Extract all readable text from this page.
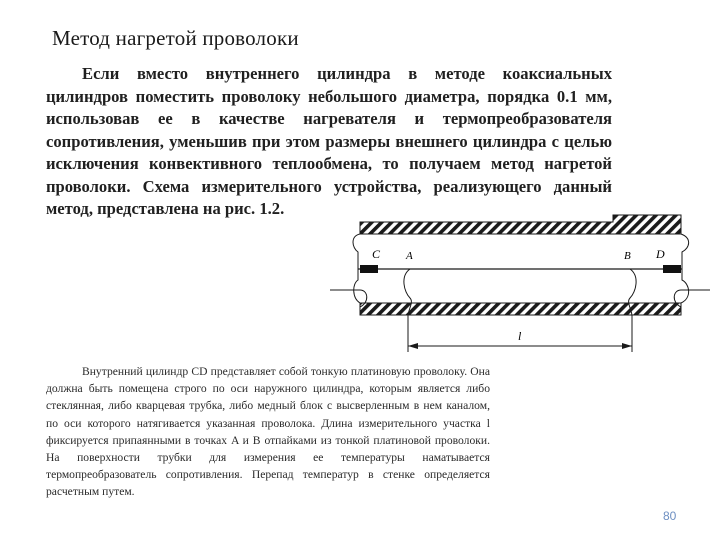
Метод нагретой проволоки
Если вместо внутреннего цилиндра в методе коаксиальных цилиндров поместить проволоку небольшого диаметра, порядка 0.1 мм, использовав ее в качестве нагревателя и термопреобразователя сопротивления, уменьшив при этом размеры внешнего цилиндра с целью исключения конвективного теплообмена, то получаем метод нагретой проволоки. Схема измерительного устройства, реализующего данный метод, представлена на рис. 1.2.
C A	B D
l
Внутренний цилиндр CD представляет собой тонкую платиновую проволоку. Она должна быть помещена строго по оси наружного цилиндра, которым является либо стеклянная, либо кварцевая трубка, либо медный блок с высверленным в нем каналом, по оси которого натягивается указанная проволока. Длина измерительного участка l фиксируется припаянными в точках A и B отпайками из тонкой платиновой проволоки. На поверхности трубки для измерения ее температуры наматывается термопреобразователь сопротивления. Перепад температур в стенке определяется расчетным путем.
80
